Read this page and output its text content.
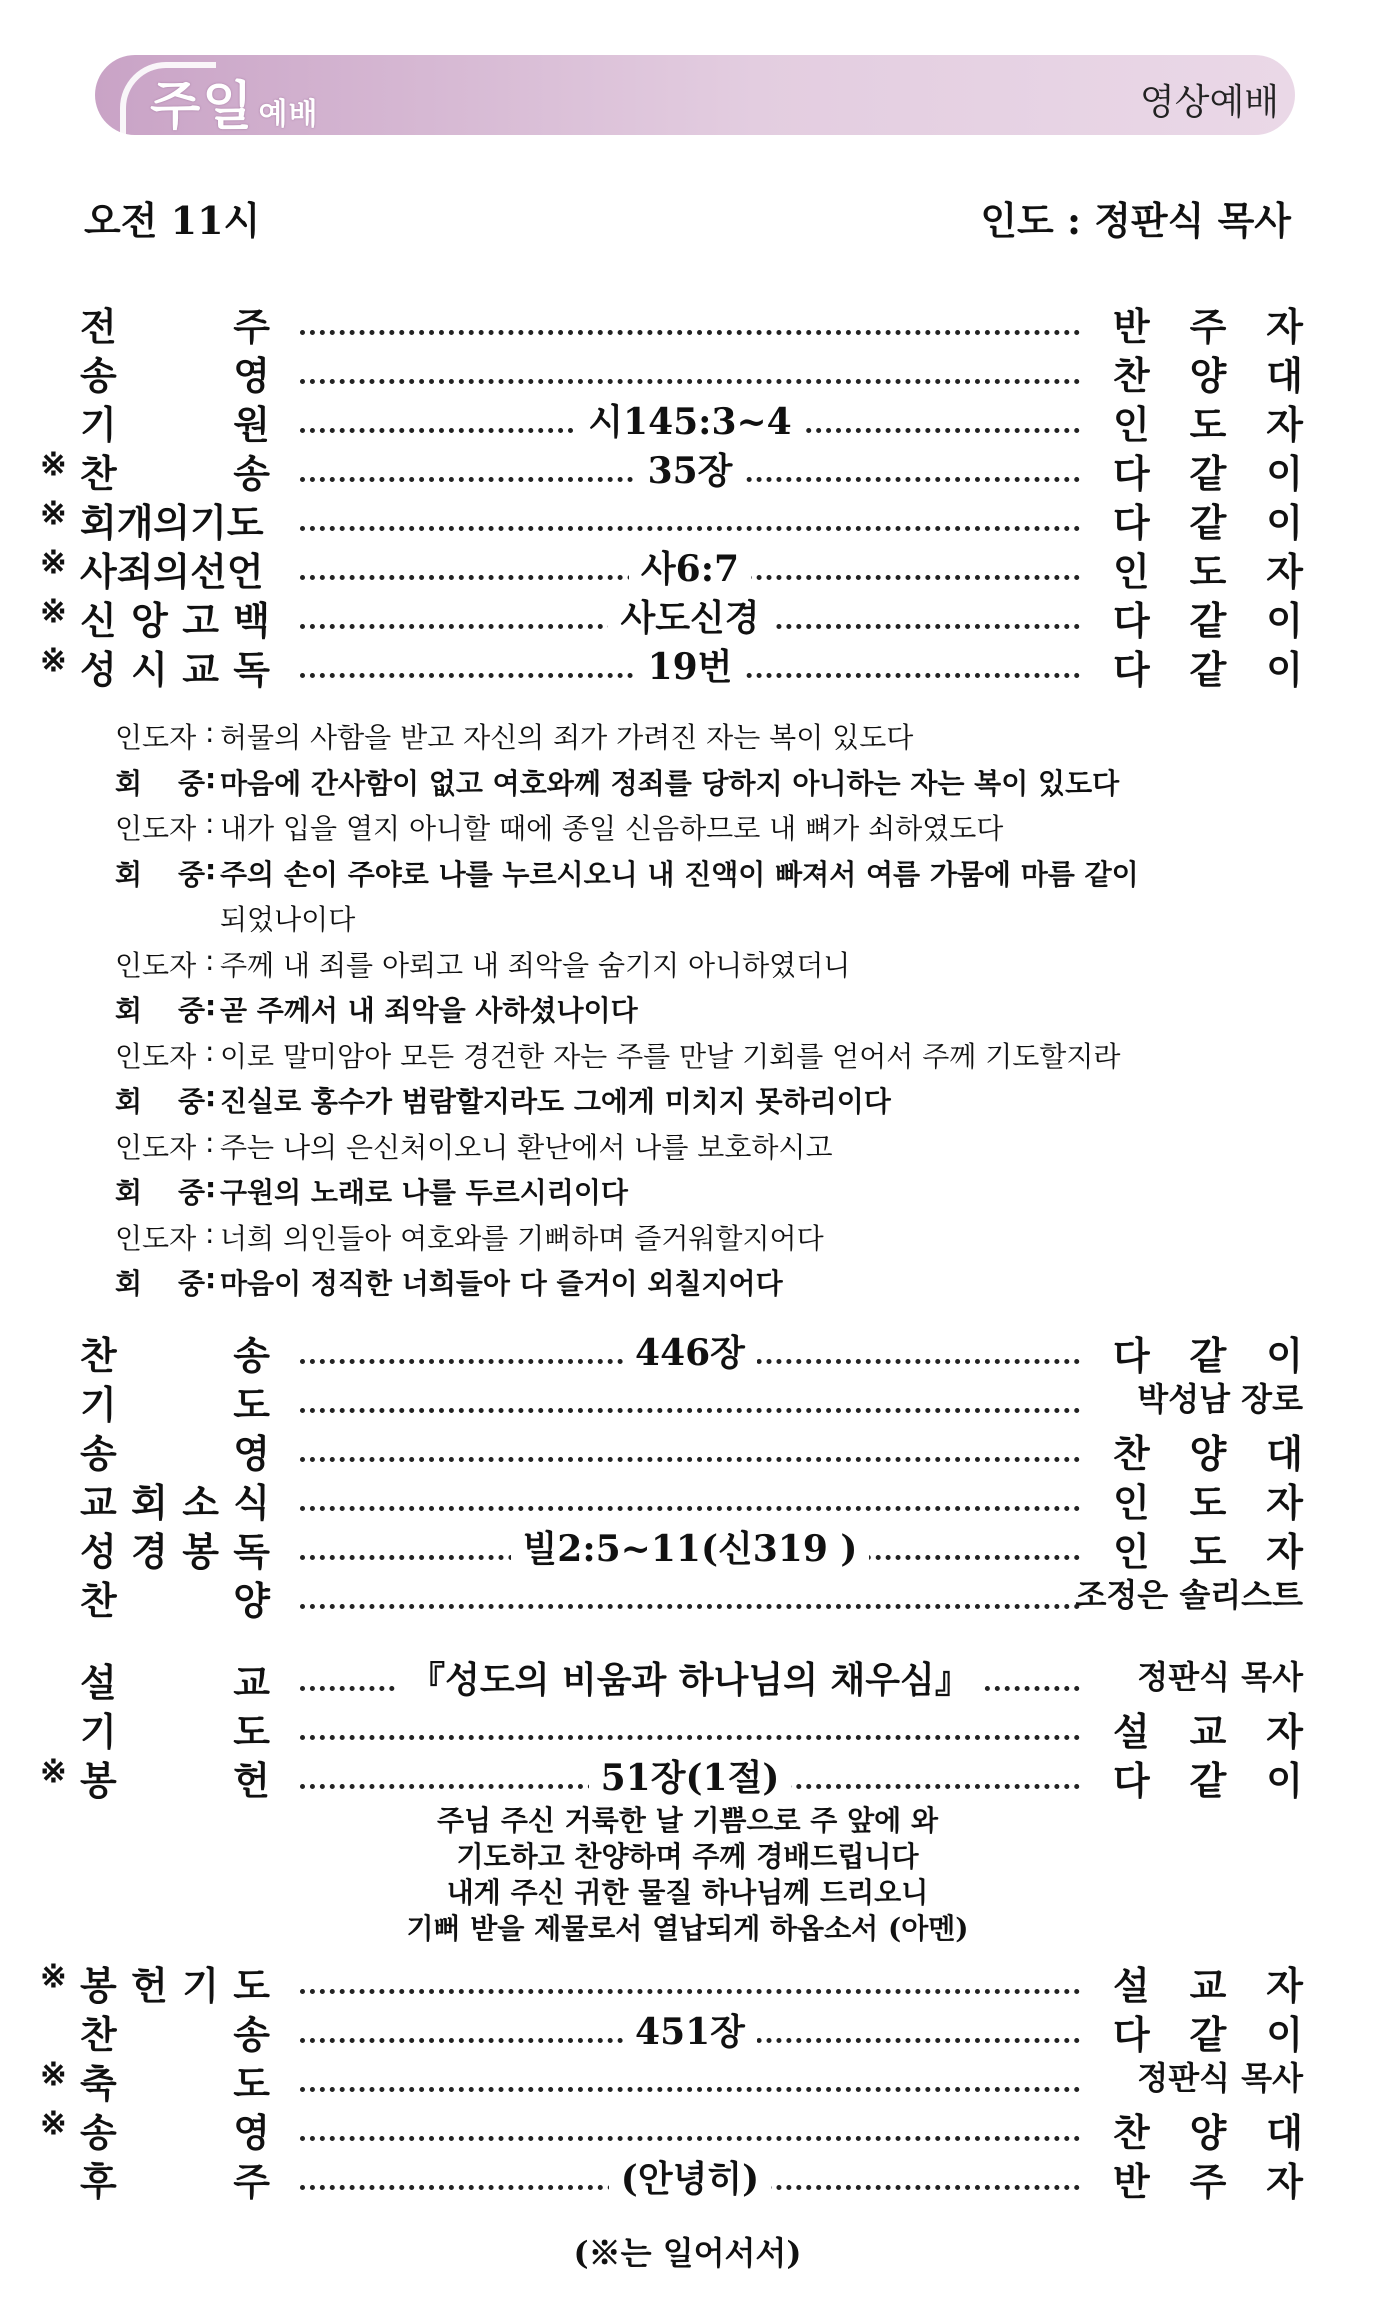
주일 예배	영상예배
오전 11시	인도 : 정판식 목사
전	주	반 주 자
송	영	찬 양 대
기	원	시145:3~4	인 도 자
※ 찬	송	35장	다 같 이
※ 회개의기도	다 같 이
※ 사죄의선언	사6:7	인 도 자
※ 신 앙 고 백	사도신경	다 같 이
※ 성 시 교 독	19번	다 같 이
인도자 : 허물의 사함을 받고 자신의 죄가 가려진 자는 복이 있도다
회 중 : 마음에 간사함이 없고 여호와께 정죄를 당하지 아니하는 자는 복이 있도다
인도자 : 내가 입을 열지 아니할 때에 종일 신음하므로 내 뼈가 쇠하였도다
회 중 : 주의 손이 주야로 나를 누르시오니 내 진액이 빠져서 여름 가뭄에 마름 같이
되었나이다
인도자 : 주께 내 죄를 아뢰고 내 죄악을 숨기지 아니하였더니
회 중 : 곧 주께서 내 죄악을 사하셨나이다
인도자 : 이로 말미암아 모든 경건한 자는 주를 만날 기회를 얻어서 주께 기도할지라
회 중 : 진실로 홍수가 범람할지라도 그에게 미치지 못하리이다
인도자 : 주는 나의 은신처이오니 환난에서 나를 보호하시고
회 중 : 구원의 노래로 나를 두르시리이다
인도자 : 너희 의인들아 여호와를 기뻐하며 즐거워할지어다
회 중 : 마음이 정직한 너희들아 다 즐거이 외칠지어다
찬	송	446장	다 같 이
기	도	박성남 장로
송	영	찬 양 대
교 회 소 식	인 도 자
성 경 봉 독	빌2:5~11(신319 )	인 도 자
찬	양	조정은 솔리스트
설	교	『성도의 비움과 하나님의 채우심』	정판식 목사
기	도	설 교 자
※ 봉	헌	51장(1절)	다 같 이
주님 주신 거룩한 날 기쁨으로 주 앞에 와
기도하고 찬양하며 주께 경배드립니다
내게 주신 귀한 물질 하나님께 드리오니
기뻐 받을 제물로서 열납되게 하옵소서 (아멘)
※ 봉 헌 기 도	설 교 자
찬	송	451장	다 같 이
※ 축	도	정판식 목사
※ 송	영	찬 양 대
후	주	(안녕히)	반 주 자
(※는 일어서서)
